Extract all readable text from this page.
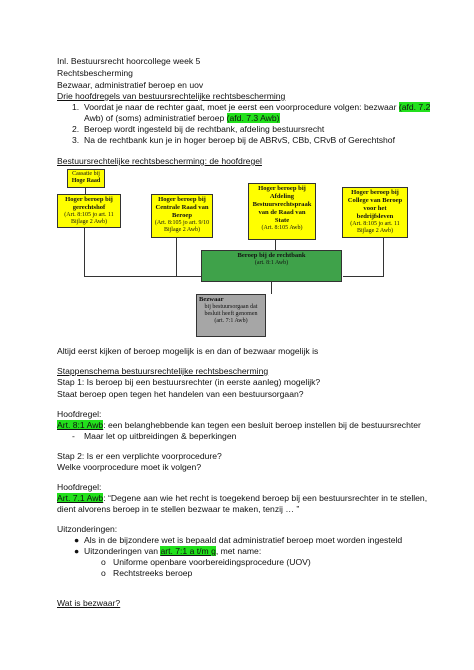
Inl. Bestuursrecht hoorcollege week 5
Rechtsbescherming
Bezwaar, administratief beroep en uov
Drie hoofdregels van bestuursrechtelijke rechtsbescherming
1. Voordat je naar de rechter gaat, moet je eerst een voorprocedure volgen: bezwaar (afd. 7.2
Awb) of (soms) administratief beroep (afd. 7.3 Awb)
2. Beroep wordt ingesteld bij de rechtbank, afdeling bestuursrecht
3. Na de rechtbank kun je in hoger beroep bij de ABRvS, CBb, CRvB of Gerechtshof
Bestuursrechtelijke rechtsbescherming: de hoofdregel
Cassatie bij
Hoge Raad
Hoger beroep bij gerechtshof
(Art. 8:105 jo art. 11 Bijlage 2 Awb)
Hoger beroep bij Centrale Raad van Beroep
(Art. 8:105 jo art. 9/10 Bijlage 2 Awb)
Hoger beroep bij Afdeling Bestuursrechtspraak van de Raad van State
(Art. 8:105 Awb)
Hoger beroep bij College van Beroep voor het bedrijfsleven
(Art. 8:105 jo art. 11 Bijlage 2 Awb)
Beroep bij de rechtbank
(art. 8:1 Awb)
Bezwaar
bij bestuursorgaan dat besluit heeft genomen
(art. 7:1 Awb)
Altijd eerst kijken of beroep mogelijk is en dan of bezwaar mogelijk is
Stappenschema bestuursrechtelijke rechtsbescherming
Stap 1: Is beroep bij een bestuursrechter (in eerste aanleg) mogelijk?
Staat beroep open tegen het handelen van een bestuursorgaan?
Hoofdregel:
Art. 8:1 Awb: een belanghebbende kan tegen een besluit beroep instellen bij de bestuursrechter
- Maar let op uitbreidingen & beperkingen
Stap 2: Is er een verplichte voorprocedure?
Welke voorprocedure moet ik volgen?
Hoofdregel:
Art. 7.1 Awb: “Degene aan wie het recht is toegekend beroep bij een bestuursrechter in te stellen,
dient alvorens beroep in te stellen bezwaar te maken, tenzij … ”
Uitzonderingen:
● Als in de bijzondere wet is bepaald dat administratief beroep moet worden ingesteld
● Uitzonderingen van art. 7:1 a t/m g, met name:
o Uniforme openbare voorbereidingsprocedure (UOV)
o Rechtstreeks beroep
Wat is bezwaar?
